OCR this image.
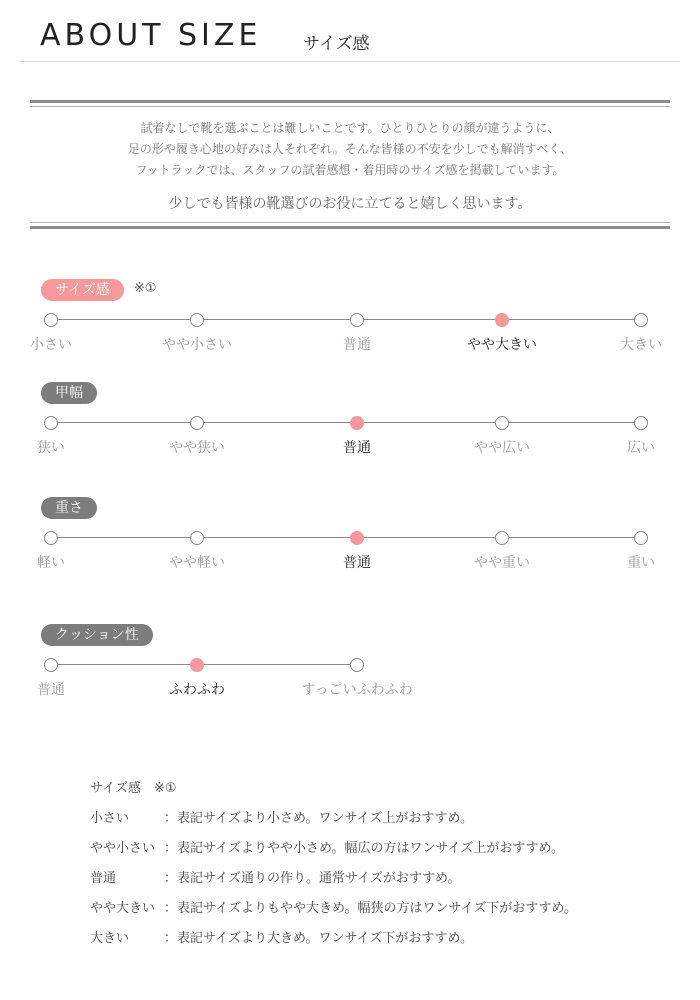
ABOUT SIZE サイズ感
試着なしで靴を選ぶことは難しいことです。ひとりひとりの顔が違うように、
足の形や履き心地の好みは人それぞれ。そんな皆様の不安を少しでも解消すべく、
フットラックでは、スタッフの試着感想・着用時のサイズ感を掲載しています。
少しでも皆様の靴選びのお役に立てると嬉しく思います。
サイズ感	※①
小さい	やや小さい	普通	やや大きい	大きい
甲幅
狭い	やや狭い	普通	やや広い	広い
重さ
軽い	やや軽い	普通	やや重い	重い
クッション性
普通	ふわふわ	すっごいふわふわ
サイズ感　※①
小さい	：表記サイズより小さめ。ワンサイズ上がおすすめ。
やや小さい ：表記サイズよりやや小さめ。幅広の方はワンサイズ上がおすすめ。
普通	：表記サイズ通りの作り。通常サイズがおすすめ。
やや大きい ：表記サイズよりもやや大きめ。幅狭の方はワンサイズ下がおすすめ。
大きい	：表記サイズより大きめ。ワンサイズ下がおすすめ。
